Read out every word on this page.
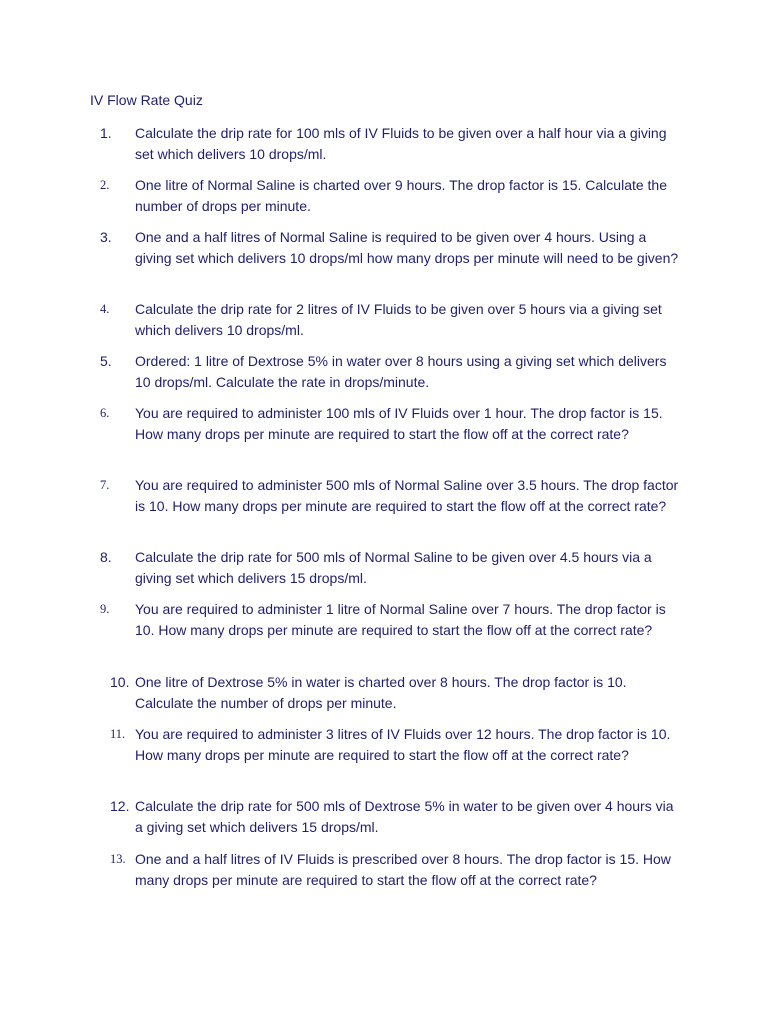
IV Flow Rate Quiz
1.	Calculate the drip rate for 100 mls of IV Fluids to be given over a half hour via a giving set which delivers 10 drops/ml.
2.	One litre of Normal Saline is charted over 9 hours. The drop factor is 15. Calculate the number of drops per minute.
3.	One and a half litres of Normal Saline is required to be given over 4 hours. Using a giving set which delivers 10 drops/ml how many drops per minute will need to be given?
4.	Calculate the drip rate for 2 litres of IV Fluids to be given over 5 hours via a giving set which delivers 10 drops/ml.
5.	Ordered: 1 litre of Dextrose 5% in water over 8 hours using a giving set which delivers 10 drops/ml. Calculate the rate in drops/minute.
6.	You are required to administer 100 mls of IV Fluids over 1 hour. The drop factor is 15. How many drops per minute are required to start the flow off at the correct rate?
7.	You are required to administer 500 mls of Normal Saline over 3.5 hours. The drop factor is 10. How many drops per minute are required to start the flow off at the correct rate?
8.	Calculate the drip rate for 500 mls of Normal Saline to be given over 4.5 hours via a giving set which delivers 15 drops/ml.
9.	You are required to administer 1 litre of Normal Saline over 7 hours. The drop factor is 10. How many drops per minute are required to start the flow off at the correct rate?
10. One litre of Dextrose 5% in water is charted over 8 hours. The drop factor is 10. Calculate the number of drops per minute.
11. You are required to administer 3 litres of IV Fluids over 12 hours. The drop factor is 10. How many drops per minute are required to start the flow off at the correct rate?
12. Calculate the drip rate for 500 mls of Dextrose 5% in water to be given over 4 hours via a giving set which delivers 15 drops/ml.
13. One and a half litres of IV Fluids is prescribed over 8 hours. The drop factor is 15. How many drops per minute are required to start the flow off at the correct rate?
